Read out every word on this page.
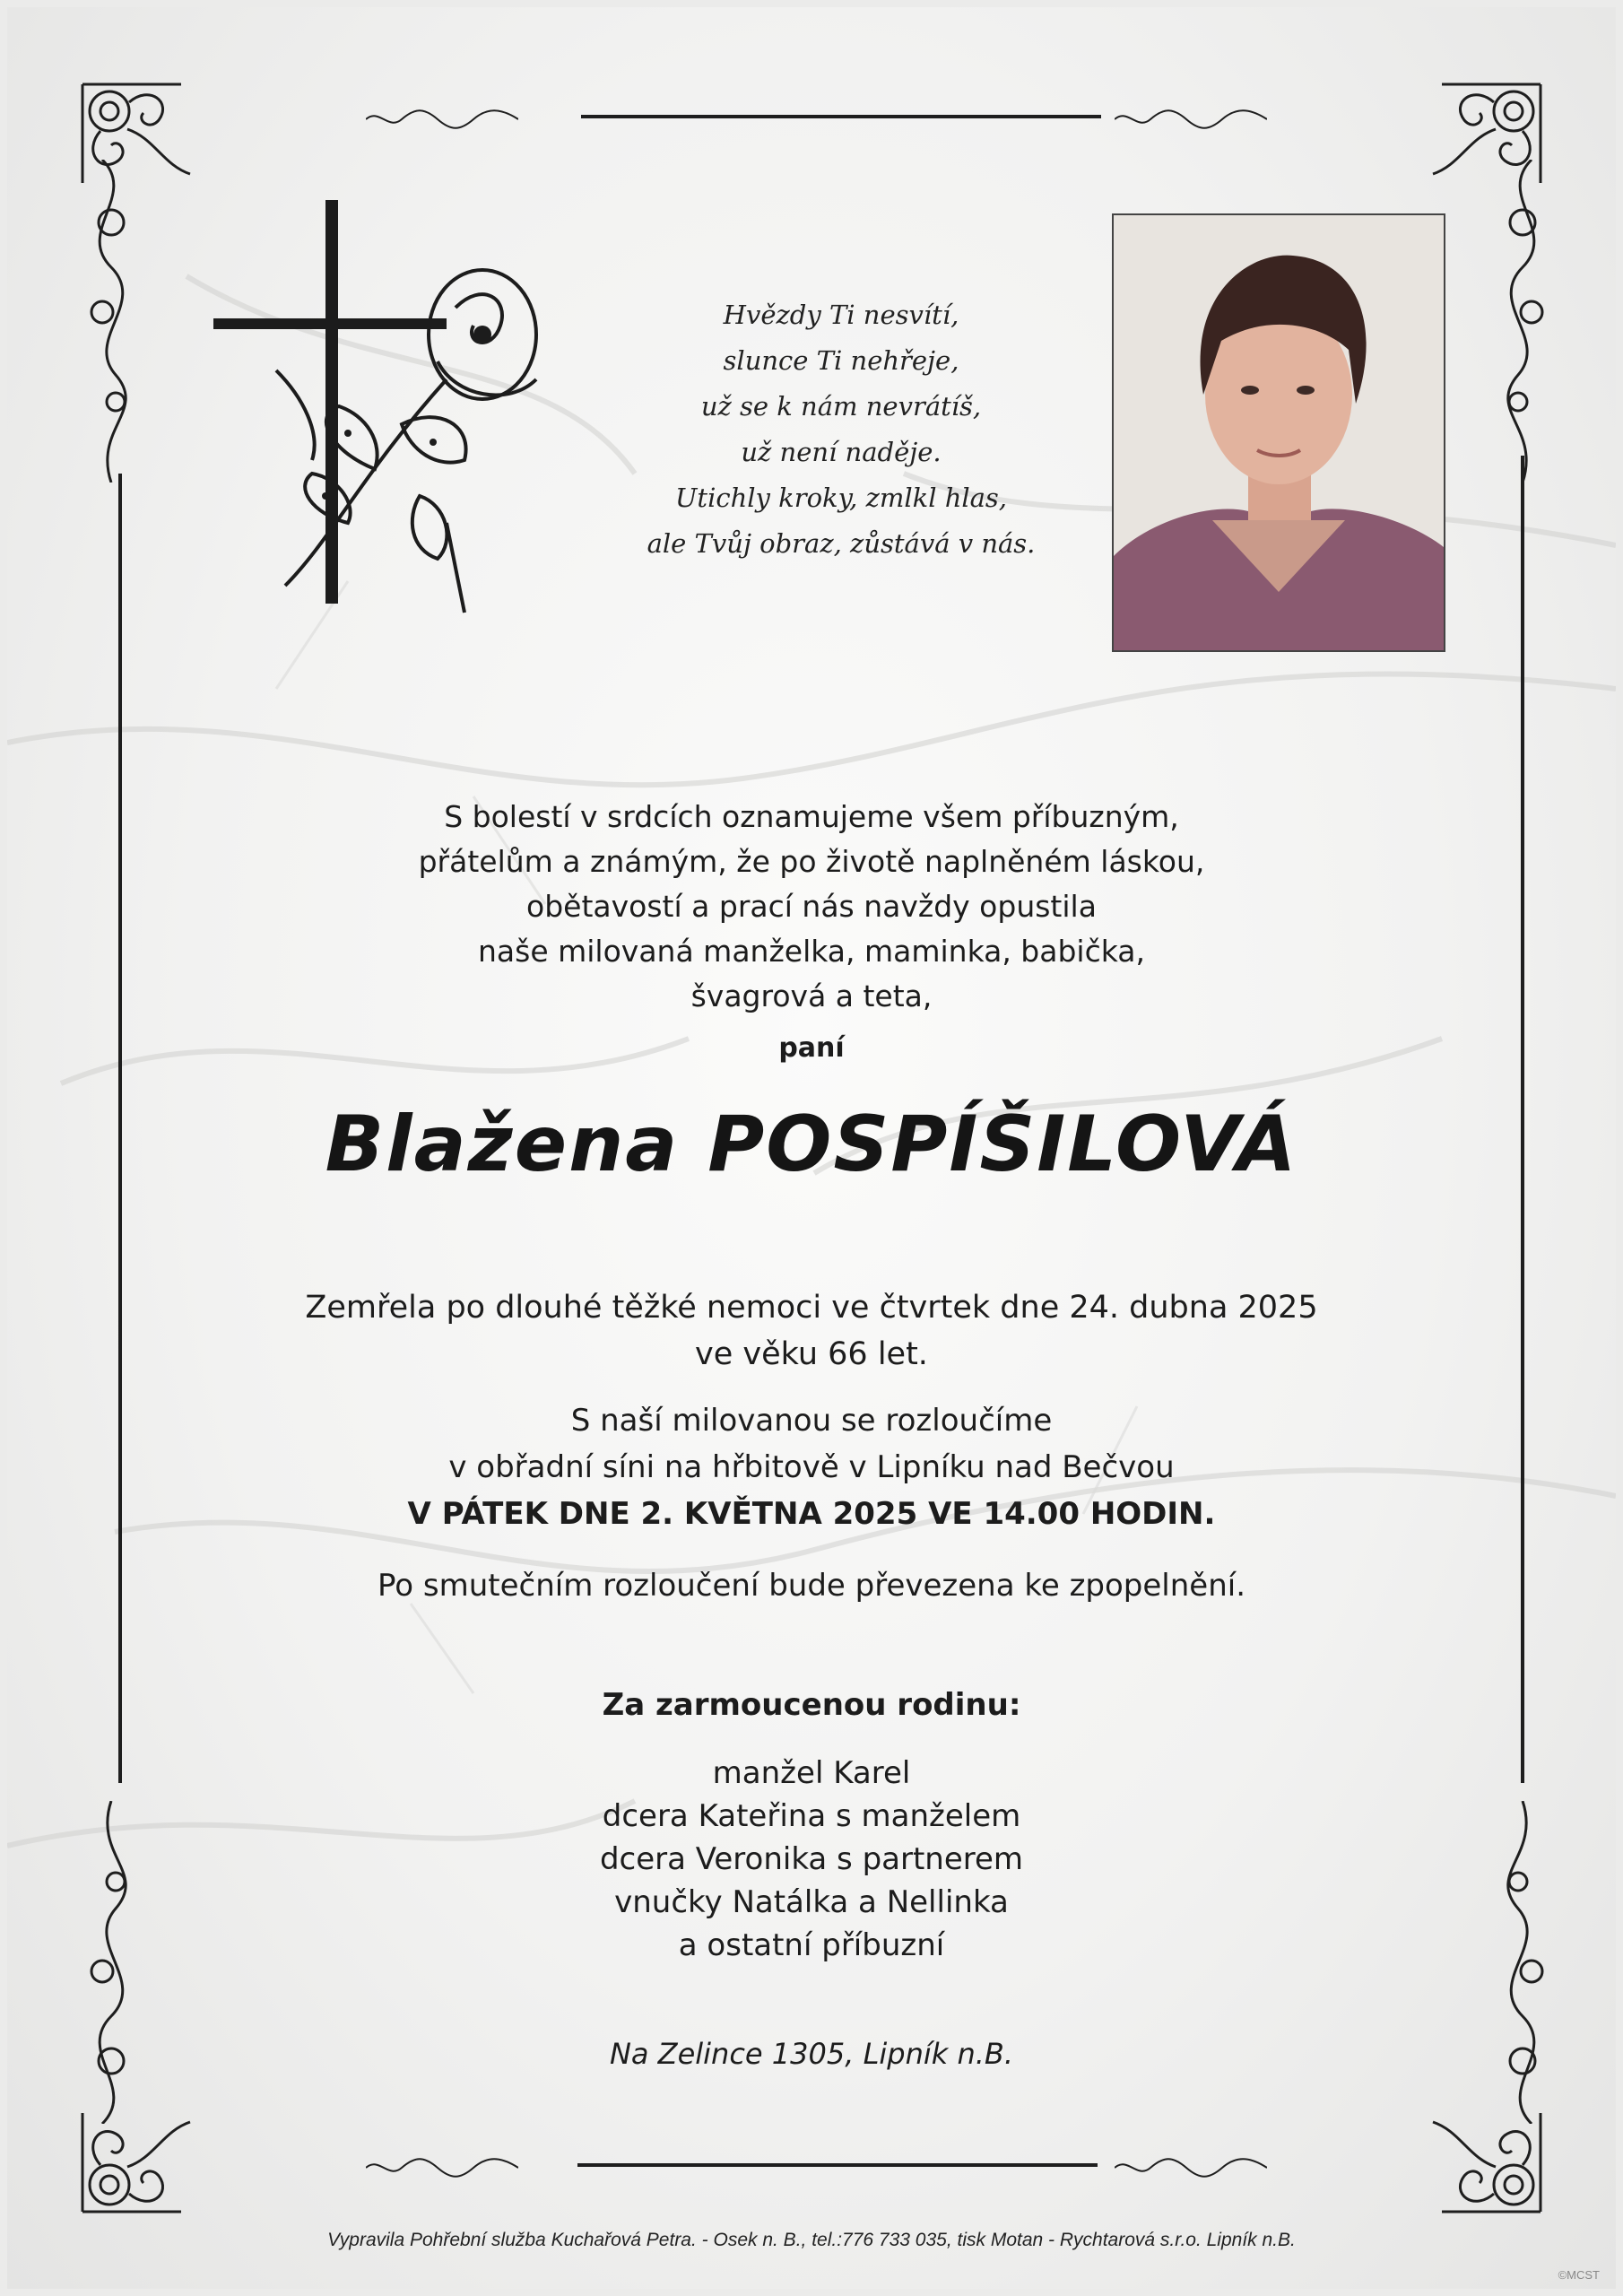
Hvězdy Ti nesvítí,
slunce Ti nehřeje,
už se k nám nevrátíš,
už není naděje.
Utichly kroky, zmlkl hlas,
ale Tvůj obraz, zůstává v nás.
S bolestí v srdcích oznamujeme všem příbuzným,
přátelům a známým, že po životě naplněném láskou,
obětavostí a prací nás navždy opustila
naše milovaná manželka, maminka, babička,
švagrová a teta,
paní
Blažena POSPÍŠILOVÁ
Zemřela po dlouhé těžké nemoci ve čtvrtek dne 24. dubna 2025
ve věku 66 let.
S naší milovanou se rozloučíme
v obřadní síni na hřbitově v Lipníku nad Bečvou
V PÁTEK DNE 2. KVĚTNA 2025 VE 14.00 HODIN.
Po smutečním rozloučení bude převezena ke zpopelnění.
Za zarmoucenou rodinu:
manžel Karel
dcera Kateřina s manželem
dcera Veronika s partnerem
vnučky Natálka a Nellinka
a ostatní příbuzní
Na Zelince 1305, Lipník n.B.
Vypravila Pohřební služba Kuchařová Petra. - Osek n. B., tel.:776 733 035, tisk Motan - Rychtarová s.r.o. Lipník n.B.
©MCST
